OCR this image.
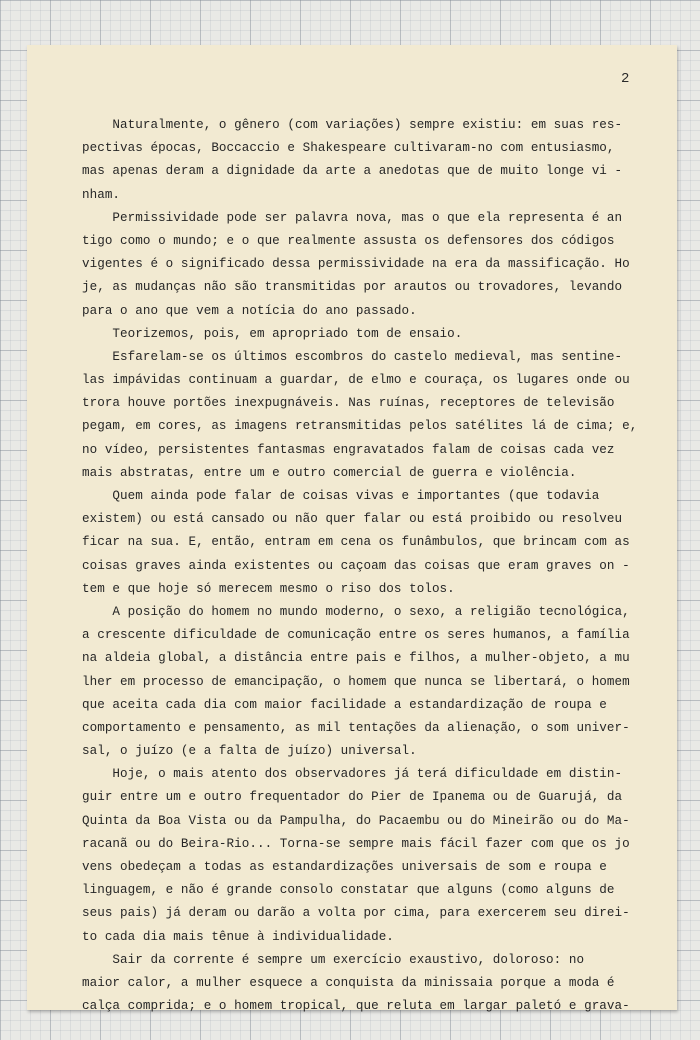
2
Naturalmente, o gênero (com variações) sempre existiu: em suas res-
pectivas épocas, Boccaccio e Shakespeare cultivaram-no com entusiasmo,
mas apenas deram a dignidade da arte a anedotas que de muito longe vi -
nham.
Permissividade pode ser palavra nova, mas o que ela representa é an
tigo como o mundo; e o que realmente assusta os defensores dos códigos
vigentes é o significado dessa permissividade na era da massificação. Ho
je, as mudanças não são transmitidas por arautos ou trovadores, levando
para o ano que vem a notícia do ano passado.
Teorizemos, pois, em apropriado tom de ensaio.
Esfarelam-se os últimos escombros do castelo medieval, mas sentine-
las impávidas continuam a guardar, de elmo e couraça, os lugares onde ou
trora houve portões inexpugnáveis. Nas ruínas, receptores de televisão
pegam, em cores, as imagens retransmitidas pelos satélites lá de cima; e,
no vídeo, persistentes fantasmas engravatados falam de coisas cada vez
mais abstratas, entre um e outro comercial de guerra e violência.
Quem ainda pode falar de coisas vivas e importantes (que todavia
existem) ou está cansado ou não quer falar ou está proibido ou resolveu
ficar na sua. E, então, entram em cena os funâmbulos, que brincam com as
coisas graves ainda existentes ou caçoam das coisas que eram graves on -
tem e que hoje só merecem mesmo o riso dos tolos.
A posição do homem no mundo moderno, o sexo, a religião tecnológica,
a crescente dificuldade de comunicação entre os seres humanos, a família
na aldeia global, a distância entre pais e filhos, a mulher-objeto, a mu
lher em processo de emancipação, o homem que nunca se libertará, o homem
que aceita cada dia com maior facilidade a estandardização de roupa e
comportamento e pensamento, as mil tentações da alienação, o som univer-
sal, o juízo (e a falta de juízo) universal.
Hoje, o mais atento dos observadores já terá dificuldade em distin-
guir entre um e outro frequentador do Pier de Ipanema ou de Guarujá, da
Quinta da Boa Vista ou da Pampulha, do Pacaembu ou do Mineirão ou do Ma-
racanã ou do Beira-Rio... Torna-se sempre mais fácil fazer com que os jo
vens obedeçam a todas as estandardizações universais de som e roupa e
linguagem, e não é grande consolo constatar que alguns (como alguns de
seus pais) já deram ou darão a volta por cima, para exercerem seu direi-
to cada dia mais tênue à individualidade.
Sair da corrente é sempre um exercício exaustivo, doloroso: no
maior calor, a mulher esquece a conquista da minissaia porque a moda é
calça comprida; e o homem tropical, que reluta em largar paletó e grava-
